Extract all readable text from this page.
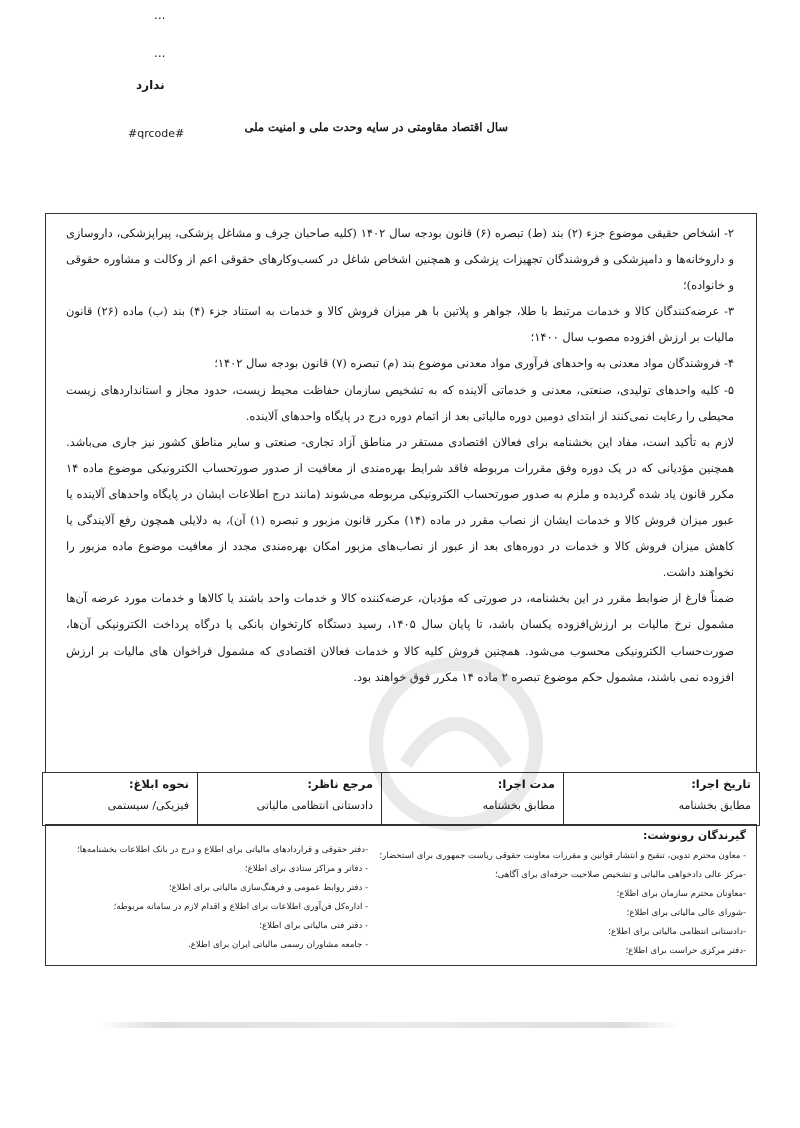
...
...
ندارد
#qrcode#	سال اقتصاد مقاومتی در سایه وحدت ملی و امنیت ملی

۲- اشخاص حقیقی موضوع جزء (۲) بند (ط) تبصره (۶) قانون بودجه سال ۱۴۰۲ (کلیه صاحبان حِرف و مشاغل پزشکی، پیراپزشکی، داروسازی و داروخانه‌ها و دامپزشکی و فروشندگان تجهیزات پزشکی و همچنین اشخاص شاغل در کسب‌وکارهای حقوقی اعم از وکالت و مشاوره حقوقی و خانواده)؛

۳- عرضه‌کنندگان کالا و خدمات مرتبط با طلا، جواهر و پلاتین با هر میزان فروش کالا و خدمات به استناد جزء (۴) بند (ب) ماده (۲۶) قانون مالیات بر ارزش افزوده مصوب سال ۱۴۰۰؛

۴- فروشندگان مواد معدنی به واحدهای فرآوری مواد معدنی موضوع بند (م) تبصره (۷) قانون بودجه سال ۱۴۰۲؛

۵- کلیه واحدهای تولیدی، صنعتی، معدنی و خدماتی آلاینده که به تشخیص سازمان حفاظت محیط زیست، حدود مجاز و استانداردهای زیست محیطی را رعایت نمی‌کنند از ابتدای دومین دوره مالیاتی بعد از اتمام دوره درج در پایگاه واحدهای آلاینده.

لازم به تأکید است، مفاد این بخشنامه برای فعالان اقتصادی مستقر در مناطق آزاد تجاری- صنعتی و سایر مناطق کشور نیز جاری می‌باشد. همچنین مؤدیانی که در یک دوره وفق مقررات مربوطه فاقد شرایط بهره‌مندی از معافیت از صدور صورتحساب الکترونیکی موضوع ماده ۱۴ مکرر قانون یاد شده گردیده و ملزم به صدور صورتحساب الکترونیکی مربوطه می‌شوند (مانند درج اطلاعات ایشان در پایگاه واحدهای آلاینده یا عبور میزان فروش کالا و خدمات ایشان از نصاب مقرر در ماده (۱۴) مکرر قانون مزبور و تبصره (۱) آن)، به دلایلی همچون رفع آلایندگی یا کاهش میزان فروش کالا و خدمات در دوره‌های بعد از عبور از نصاب‌های مزبور امکان بهره‌مندی مجدد از معافیت موضوع ماده مزبور را نخواهند داشت.

ضمناً فارغ از ضوابط مقرر در این بخشنامه، در صورتی که مؤدیان، عرضه‌کننده کالا و خدمات واحد باشند یا کالاها و خدمات مورد عرضه آن‌ها مشمول نرخ مالیات بر ارزش‌افزوده یکسان باشد، تا پایان سال ۱۴۰۵، رسید دستگاه کارتخوان بانکی یا درگاه پرداخت الکترونیکی آن‌ها، صورت‌حساب الکترونیکی محسوب می‌شود. همچنین فروش کلیه کالا و خدمات فعالان اقتصادی که مشمول فراخوان های مالیات بر ارزش افزوده نمی باشند، مشمول حکم موضوع تبصره ۲ ماده ۱۴ مکرر فوق خواهند بود.

تاریخ اجرا:
مطابق بخشنامه
مدت اجرا:
مطابق بخشنامه
مرجع ناظر:
دادستانی انتظامی مالیاتی
نحوه ابلاغ:
فیزیکی/ سیستمی
گیرندگان رونوشت:
- معاون محترم تدوین، تنقیح و انتشار قوانین و مقررات معاونت حقوقی ریاست جمهوری برای استحضار؛
-مرکز عالی دادخواهی مالیاتی و تشخیص صلاحیت حرفه‌ای برای آگاهی؛
-معاونان محترم سازمان برای اطلاع؛
-شورای عالی مالیاتی برای اطلاع؛
-دادستانی انتظامی مالیاتی برای اطلاع؛
-دفتر مرکزی حراست برای اطلاع؛
-دفتر حقوقی و قراردادهای مالیاتی برای اطلاع و درج در بانک اطلاعات بخشنامه‌ها؛
- دفاتر و مراکز ستادی برای اطلاع؛
- دفتر روابط عمومی و فرهنگ‌سازی مالیاتی برای اطلاع؛
- اداره‌کل فن‌آوری اطلاعات برای اطلاع و اقدام لازم در سامانه مربوطه؛
- دفتر فنی مالیاتی برای اطلاع؛
- جامعه مشاوران رسمی مالیاتی ایران برای اطلاع.
